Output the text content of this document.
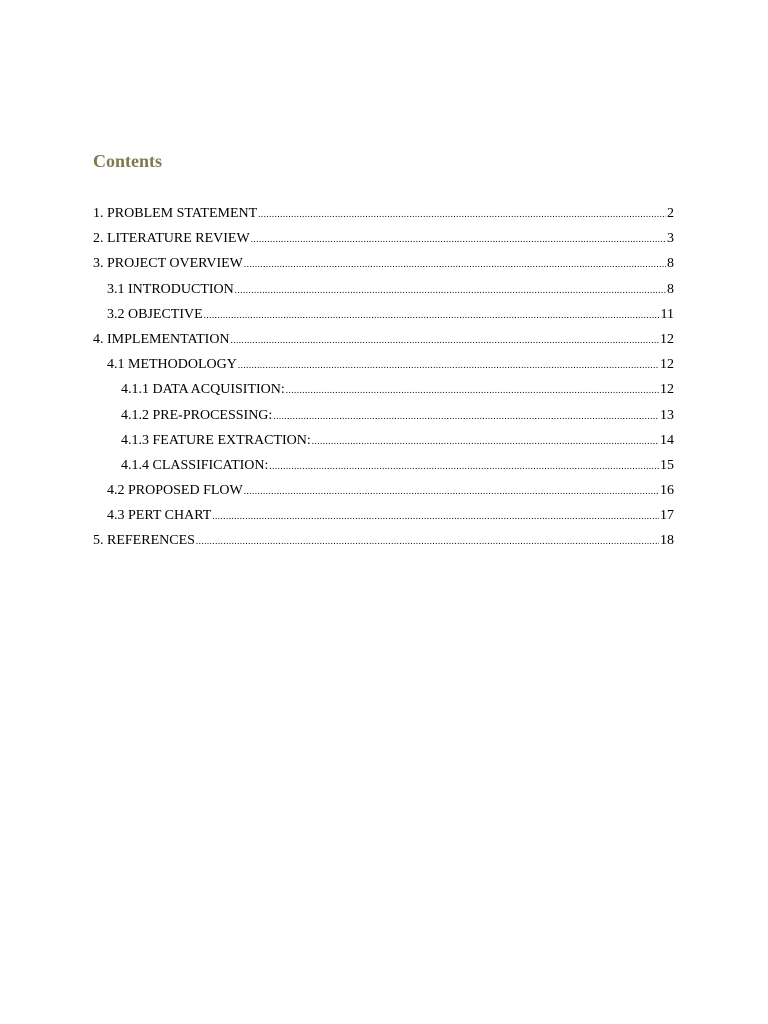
Contents
1. PROBLEM STATEMENT .....	2
2. LITERATURE REVIEW .....	3
3. PROJECT OVERVIEW .....	8
3.1 INTRODUCTION .....	8
3.2 OBJECTIVE .....	11
4. IMPLEMENTATION .....	12
4.1 METHODOLOGY .....	12
4.1.1 DATA ACQUISITION: .....	12
4.1.2 PRE-PROCESSING: .....	13
4.1.3 FEATURE EXTRACTION: .....	14
4.1.4 CLASSIFICATION: .....	15
4.2 PROPOSED FLOW .....	16
4.3 PERT CHART .....	17
5. REFERENCES .....	18
